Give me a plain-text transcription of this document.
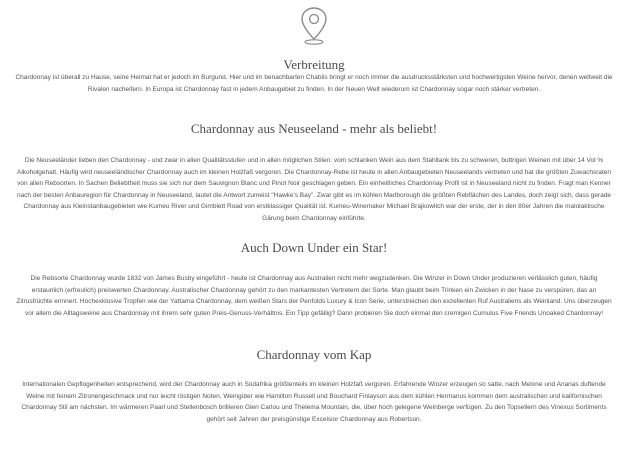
Verbreitung

Chardonnay ist überall zu Hause, seine Heimat hat er jedoch im Burgund. Hier und im benachbarten Chablis bringt er noch immer die ausdrucksstärksten und hochwertigsten Weine hervor, denen weltweit die Rivalen nacheifern. In Europa ist Chardonnay fast in jedem Anbaugebiet zu finden. In der Neuen Welt wiederum ist Chardonnay sogar noch stärker vertreten.

Chardonnay aus Neuseeland - mehr als beliebt!

Die Neuseeländer lieben den Chardonnay - und zwar in allen Qualitätsstufen und in allen möglichen Stilen: vom schlanken Wein aus dem Stahltank bis zu schweren, buttrigen Weinen mit über 14 Vol % Alkoholgehalt. Häufig wird neuseeländischer Chardonnay auch im kleinen Holzfaß vergoren. Die Chardonnay-Rebe ist heute in allen Anbaugebieten Neuseelands vertreten und hat die größten Zuwachsraten von allen Rebsorten. In Sachen Beliebtheit muss sie sich nur dem Sauvignon Blanc und Pinot Noir geschlagen geben. Ein einheitliches Chardonnay Profil ist in Neuseeland nicht zu finden. Fragt man Kenner nach der besten Anbauregion für Chardonnay in Neuseeland, lautet die Antwort zumeist "Hawke's Bay". Zwar gibt es im kühlen Marlborough die größten Rebflächen des Landes, doch zeigt sich, dass gerade Chardonnay aus Kleinstanbaugebieten wie Kumeu River und Gimblett Road von erstklassiger Qualität ist. Kumeu-Winemaker Michael Brajkowitch war der erste, der in den 80er Jahren die malolaktische Gärung beim Chardonnay einführte.

Auch Down Under ein Star!

Die Rebsorte Chardonnay wurde 1832 von James Busby eingeführt - heute ist Chardonnay aus Australien nicht mehr wegzudenken. Die Winzer in Down Under produzieren verlässlich guten, häufig erstaunlich (erfreulich) preiswerten Chardonnay. Australischer Chardonnay gehört zu den markantesten Vertretern der Sorte. Man glaubt beim Trinken ein Zwicken in der Nase zu verspüren, das an Zitrusfrüchte erinnert. Hochexklusive Tropfen wie der Yattarna Chardonnay, dem weißen Stars der Penfolds Luxury & Icon Serie, unterstreichen den exzellenten Ruf Australiens als Weinland. Uns überzeugen vor allem die Alltagsweine aus Chardonnay mit ihrem sehr guten Preis-Genuss-Verhältnis. Ein Tipp gefällig? Dann probieren Sie doch einmal den cremigen Cumulus Five Friends Unoaked Chardonnay!

Chardonnay vom Kap

Internationalen Gepflogenheiten entsprechend, wird der Chardonnay auch in Südafrika größtenteils im kleinen Holzfaß vergoren. Erfahrende Winzer erzeugen so satte, nach Melone und Ananas duftende Weine mit feinem Zitronengeschmack und nur leicht röstigen Noten. Weingüter wie Hamilton Russell und Bouchard Finlayson aus dem kühlen Hermanus kommen dem australischen und kalifornischen Chardonnay Stil am nächsten. Im wärmeren Paarl und Stellenbosch brillieren Glen Carlou und Thelema Mountain, die, über hoch gelegene Weinberge verfügen. Zu den Topsellern des Vinexus Sortiments gehört seit Jahren der preisgünstige Excelsior Chardonnay aus Robertson.
